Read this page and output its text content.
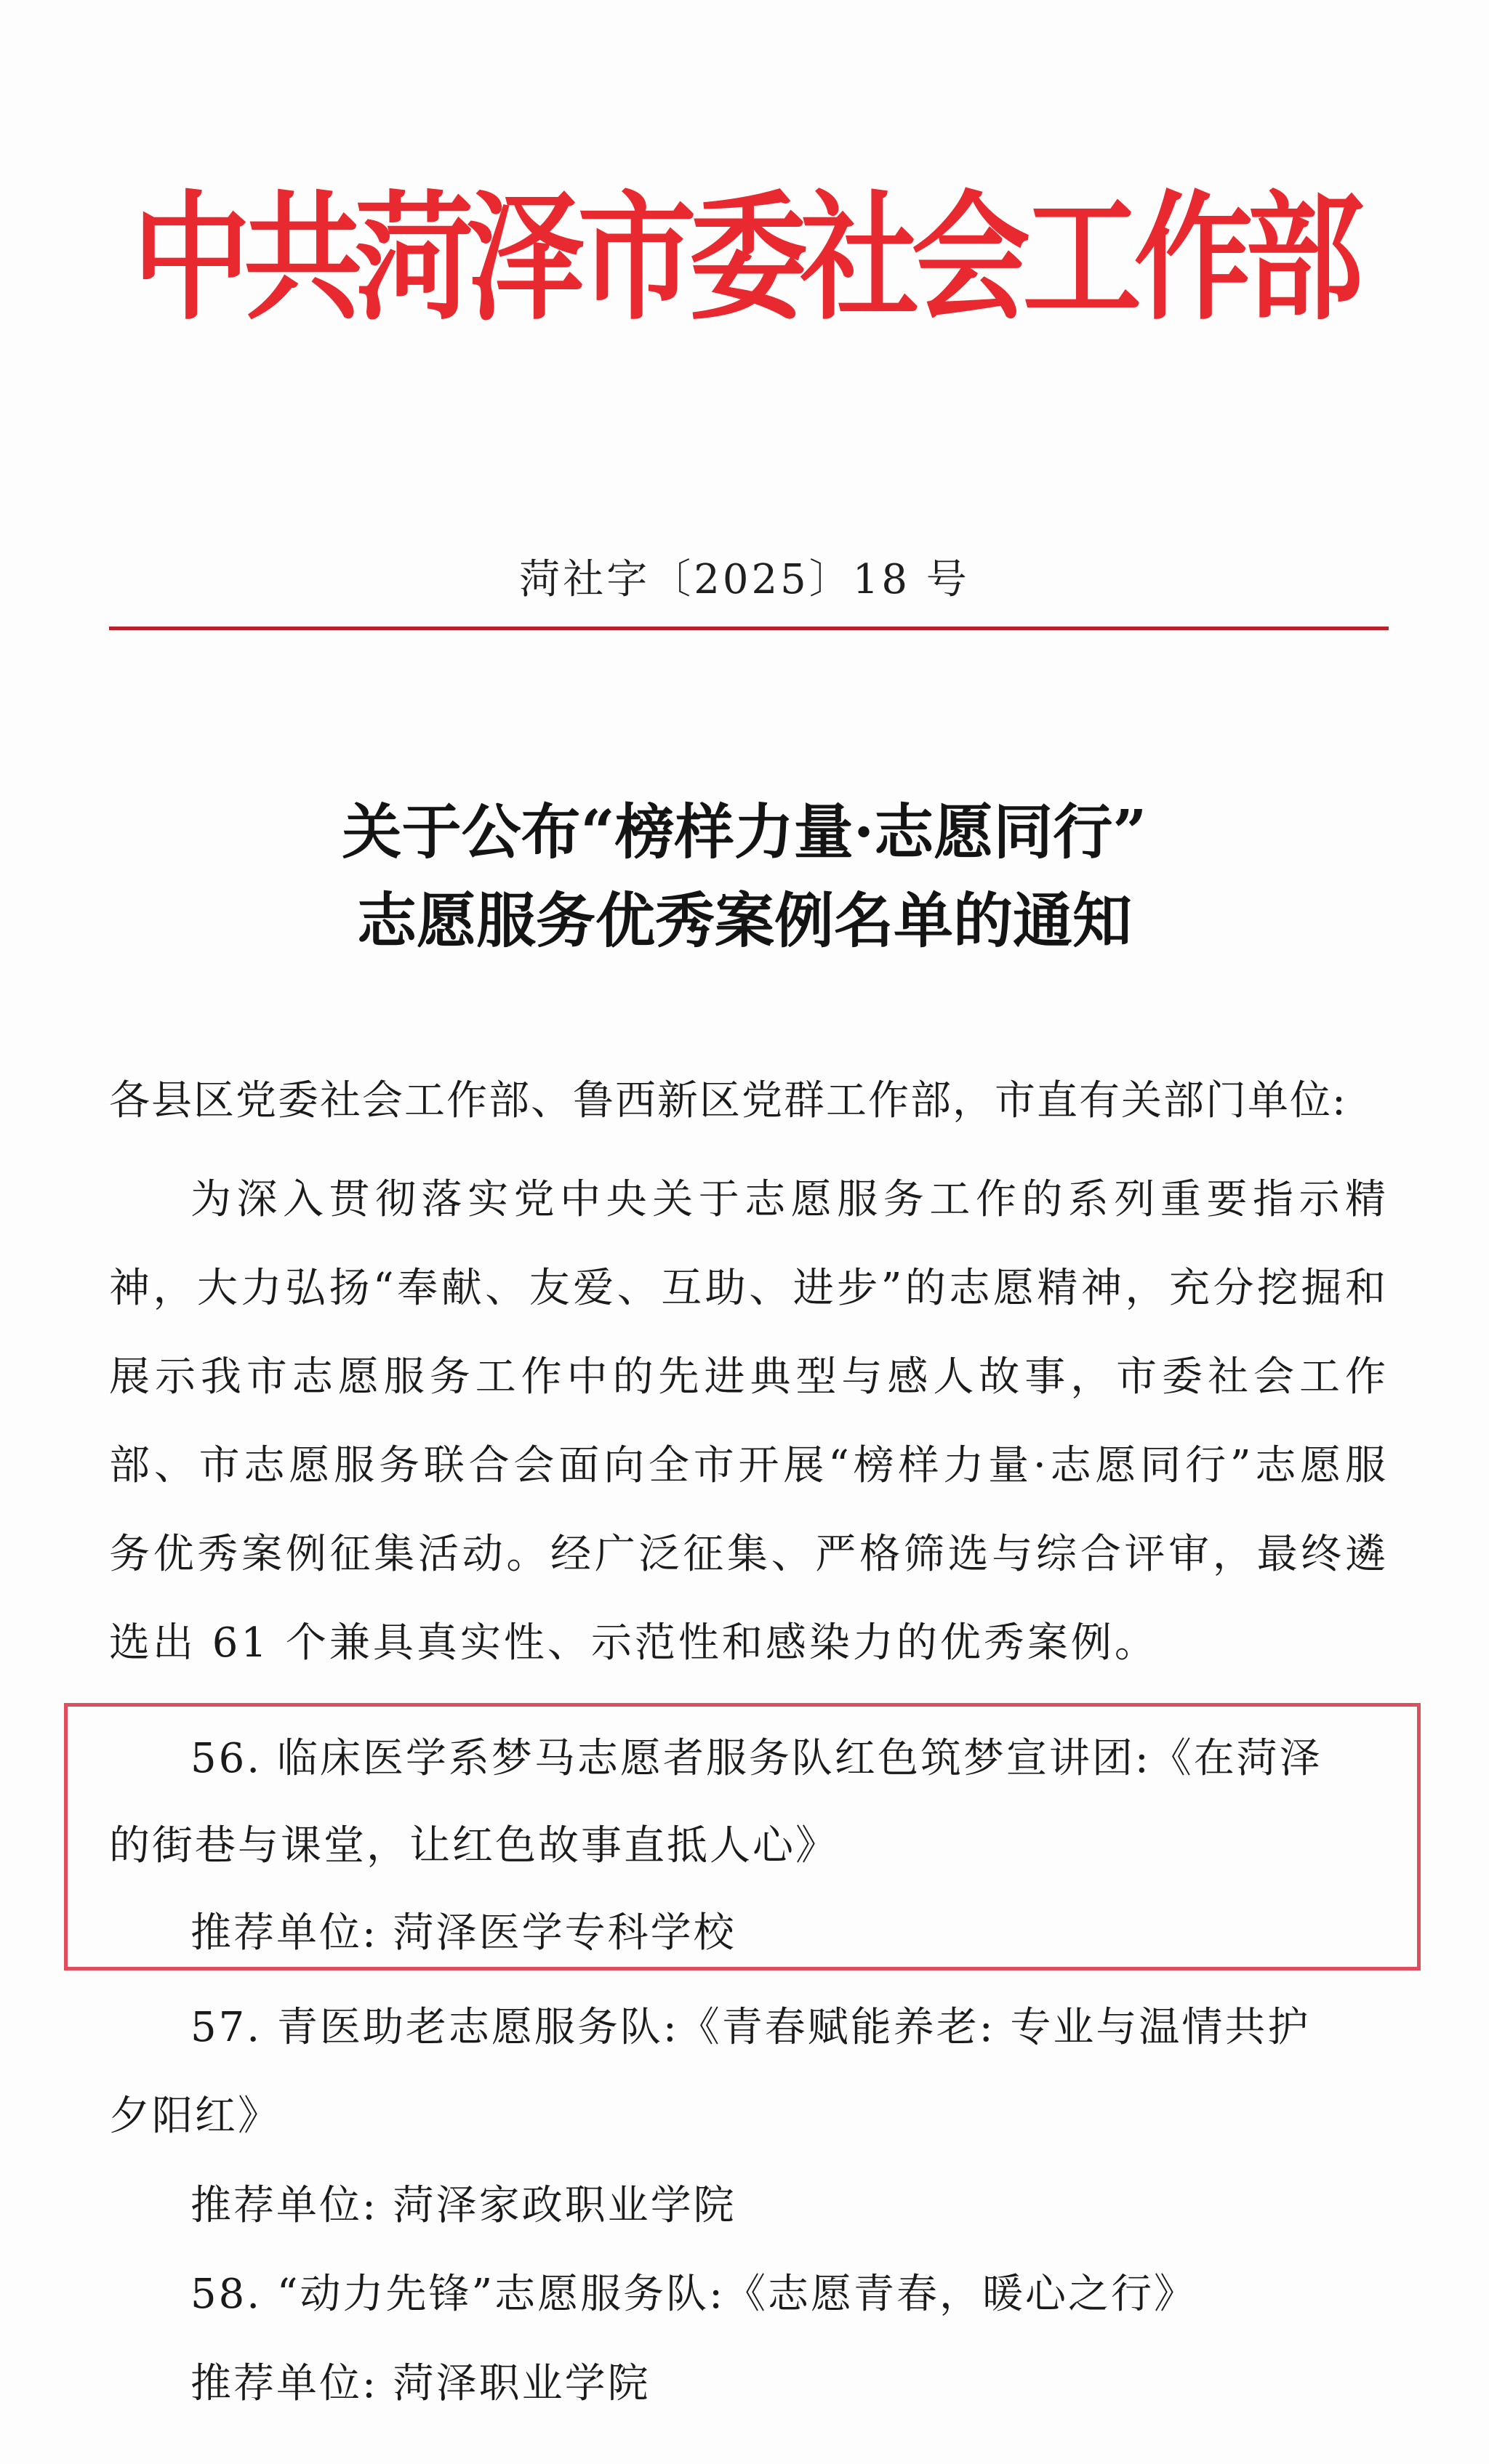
中共菏泽市委社会工作部
菏社字〔2025〕18 号
关于公布“榜样力量·志愿同行”
志愿服务优秀案例名单的通知
各县区党委社会工作部、鲁西新区党群工作部，市直有关部门单位:
为深入贯彻落实党中央关于志愿服务工作的系列重要指示精神，大力弘扬“奉献、友爱、互助、进步”的志愿精神，充分挖掘和展示我市志愿服务工作中的先进典型与感人故事，市委社会工作部、市志愿服务联合会面向全市开展“榜样力量·志愿同行”志愿服务优秀案例征集活动。经广泛征集、严格筛选与综合评审，最终遴选出 61 个兼具真实性、示范性和感染力的优秀案例。
56. 临床医学系梦马志愿者服务队红色筑梦宣讲团:《在菏泽
的街巷与课堂，让红色故事直抵人心》
推荐单位: 菏泽医学专科学校
57. 青医助老志愿服务队:《青春赋能养老: 专业与温情共护
夕阳红》
推荐单位: 菏泽家政职业学院
58. “动力先锋”志愿服务队:《志愿青春，暖心之行》
推荐单位: 菏泽职业学院
